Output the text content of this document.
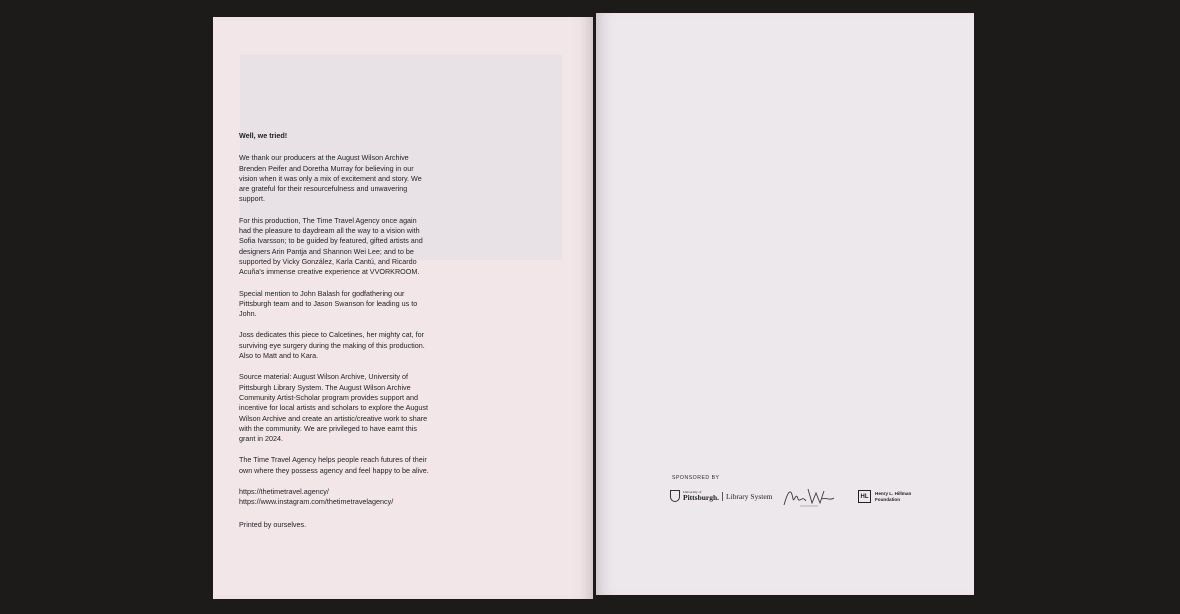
Well, we tried!

We thank our producers at the August Wilson Archive Brenden Peifer and Doretha Murray for believing in our vision when it was only a mix of excitement and story. We are grateful for their resourcefulness and unwavering support.

For this production, The Time Travel Agency once again had the pleasure to daydream all the way to a vision with Sofia Ivarsson; to be guided by featured, gifted artists and designers Arin Pantja and Shannon Wei Lee; and to be supported by Vicky González, Karla Cantú, and Ricardo Acuña's immense creative experience at VVORKROOM.

Special mention to John Balash for godfathering our Pittsburgh team and to Jason Swanson for leading us to John.

Joss dedicates this piece to Calcetines, her mighty cat, for surviving eye surgery during the making of this production. Also to Matt and to Kara.

Source material: August Wilson Archive, University of Pittsburgh Library System. The August Wilson Archive Community Artist-Scholar program provides support and incentive for local artists and scholars to explore the August Wilson Archive and create an artistic/creative work to share with the community. We are privileged to have earnt this grant in 2024.

The Time Travel Agency helps people reach futures of their own where they possess agency and feel happy to be alive.

https://thetimetravel.agency/

https://www.instagram.com/thetimetravelagency/

Printed by ourselves.

SPONSORED BY
University of
Pittsburgh. Library System	HL
Henry L. Hillman
Foundation
